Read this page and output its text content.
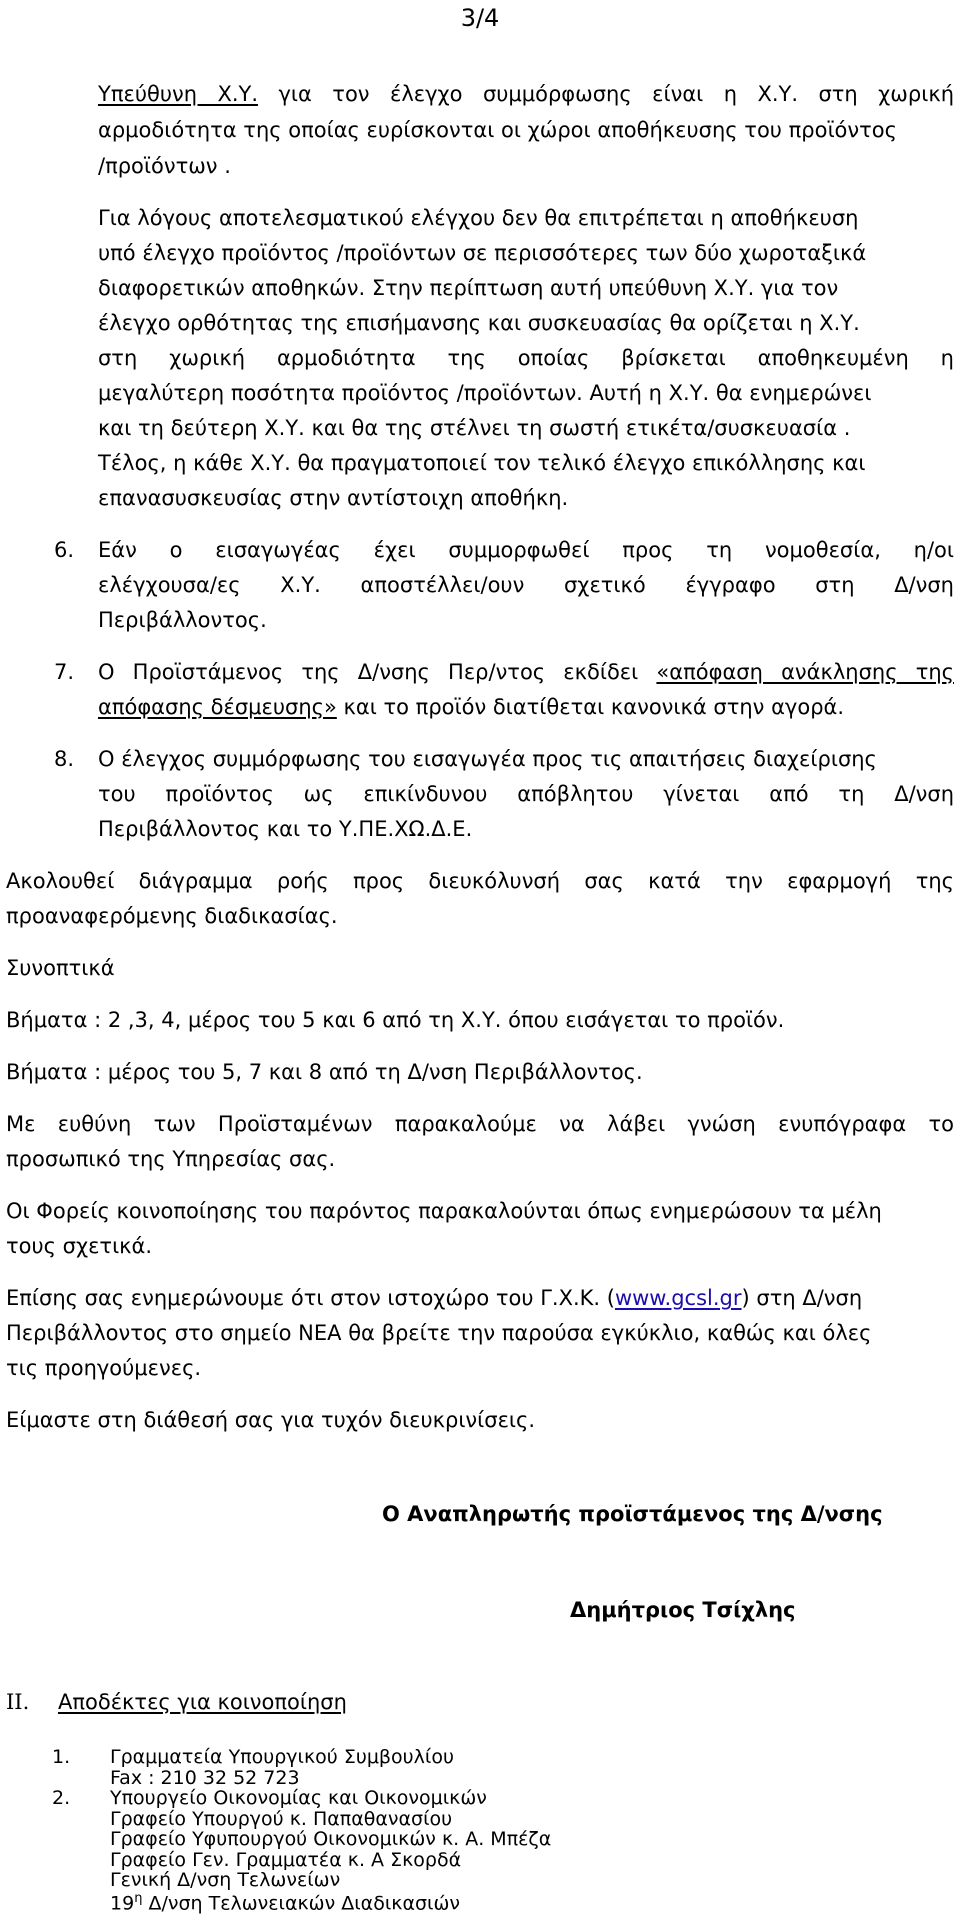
3/4
Υπεύθυνη Χ.Υ. για τον έλεγχο συμμόρφωσης είναι η Χ.Υ. στη χωρική
αρμοδιότητα της οποίας ευρίσκονται οι χώροι αποθήκευσης του προϊόντος
/προϊόντων .
Για λόγους αποτελεσματικού ελέγχου δεν θα επιτρέπεται η αποθήκευση
υπό έλεγχο προϊόντος /προϊόντων σε περισσότερες των δύο χωροταξικά
διαφορετικών αποθηκών. Στην περίπτωση αυτή υπεύθυνη Χ.Υ. για τον
έλεγχο ορθότητας της επισήμανσης και συσκευασίας θα ορίζεται η Χ.Υ.
στη χωρική αρμοδιότητα της οποίας βρίσκεται αποθηκευμένη η
μεγαλύτερη ποσότητα προϊόντος /προϊόντων. Αυτή η Χ.Υ. θα ενημερώνει
και τη δεύτερη Χ.Υ. και θα της στέλνει τη σωστή ετικέτα/συσκευασία .
Τέλος, η κάθε Χ.Υ. θα πραγματοποιεί τον τελικό έλεγχο επικόλλησης και
επανασυσκευσίας στην αντίστοιχη αποθήκη.
6. Εάν ο εισαγωγέας έχει συμμορφωθεί προς τη νομοθεσία, η/οι
ελέγχουσα/ες Χ.Υ. αποστέλλει/ουν σχετικό έγγραφο στη Δ/νση
Περιβάλλοντος.
7. Ο Προϊστάμενος της Δ/νσης Περ/ντος εκδίδει «απόφαση ανάκλησης της
απόφασης δέσμευσης» και το προϊόν διατίθεται κανονικά στην αγορά.
8. Ο έλεγχος συμμόρφωσης του εισαγωγέα προς τις απαιτήσεις διαχείρισης
του προϊόντος ως επικίνδυνου απόβλητου γίνεται από τη Δ/νση
Περιβάλλοντος και το Υ.ΠΕ.ΧΩ.Δ.Ε.
Ακολουθεί διάγραμμα ροής προς διευκόλυνσή σας κατά την εφαρμογή της
προαναφερόμενης διαδικασίας.
Συνοπτικά
Βήματα : 2 ,3, 4, μέρος του 5 και 6 από τη Χ.Υ. όπου εισάγεται το προϊόν.
Βήματα : μέρος του 5, 7 και 8 από τη Δ/νση Περιβάλλοντος.
Με ευθύνη των Προϊσταμένων παρακαλούμε να λάβει γνώση ενυπόγραφα το
προσωπικό της Υπηρεσίας σας.
Οι Φορείς κοινοποίησης του παρόντος παρακαλούνται όπως ενημερώσουν τα μέλη
τους σχετικά.
Επίσης σας ενημερώνουμε ότι στον ιστοχώρο του Γ.Χ.Κ. (www.gcsl.gr) στη Δ/νση
Περιβάλλοντος στο σημείο ΝΕΑ θα βρείτε την παρούσα εγκύκλιο, καθώς και όλες
τις προηγούμενες.
Είμαστε στη διάθεσή σας για τυχόν διευκρινίσεις.
Ο Αναπληρωτής προϊστάμενος της Δ/νσης
Δημήτριος Τσίχλης
II. Αποδέκτες για κοινοποίηση
1. Γραμματεία Υπουργικού Συμβουλίου
Fax : 210 32 52 723
2. Υπουργείο Οικονομίας και Οικονομικών
Γραφείο Υπουργού κ. Παπαθανασίου
Γραφείο Υφυπουργού Οικονομικών κ. Α. Μπέζα
Γραφείο Γεν. Γραμματέα κ. Α Σκορδά
Γενική Δ/νση Τελωνείων
$19^\eta$ Δ/νση Τελωνειακών Διαδικασιών
